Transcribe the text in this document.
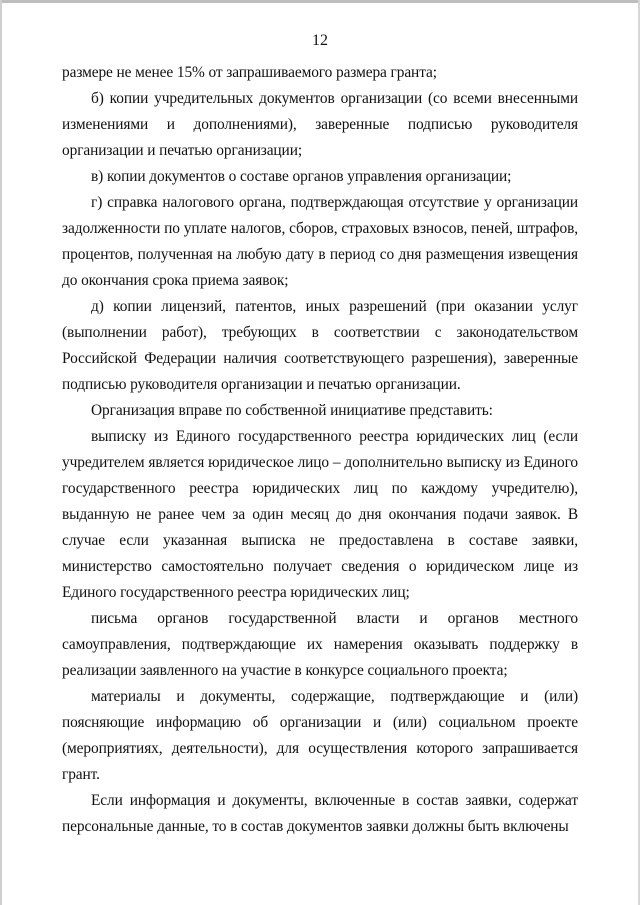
12

размере не менее 15% от запрашиваемого размера гранта;

б) копии учредительных документов организации (со всеми внесенными изменениями и дополнениями), заверенные подписью руководителя организации и печатью организации;

в) копии документов о составе органов управления организации;

г) справка налогового органа, подтверждающая отсутствие у организации задолженности по уплате налогов, сборов, страховых взносов, пеней, штрафов, процентов, полученная на любую дату в период со дня размещения извещения до окончания срока приема заявок;

д) копии лицензий, патентов, иных разрешений (при оказании услуг (выполнении работ), требующих в соответствии с законодательством Российской Федерации наличия соответствующего разрешения), заверенные подписью руководителя организации и печатью организации.

Организация вправе по собственной инициативе представить:

выписку из Единого государственного реестра юридических лиц (если учредителем является юридическое лицо – дополнительно выписку из Единого государственного реестра юридических лиц по каждому учредителю), выданную не ранее чем за один месяц до дня окончания подачи заявок. В случае если указанная выписка не предоставлена в составе заявки, министерство самостоятельно получает сведения о юридическом лице из Единого государственного реестра юридических лиц;

письма органов государственной власти и органов местного самоуправления, подтверждающие их намерения оказывать поддержку в реализации заявленного на участие в конкурсе социального проекта;

материалы и документы, содержащие, подтверждающие и (или) поясняющие информацию об организации и (или) социальном проекте (мероприятиях, деятельности), для осуществления которого запрашивается грант.

Если информация и документы, включенные в состав заявки, содержат персональные данные, то в состав документов заявки должны быть включены
